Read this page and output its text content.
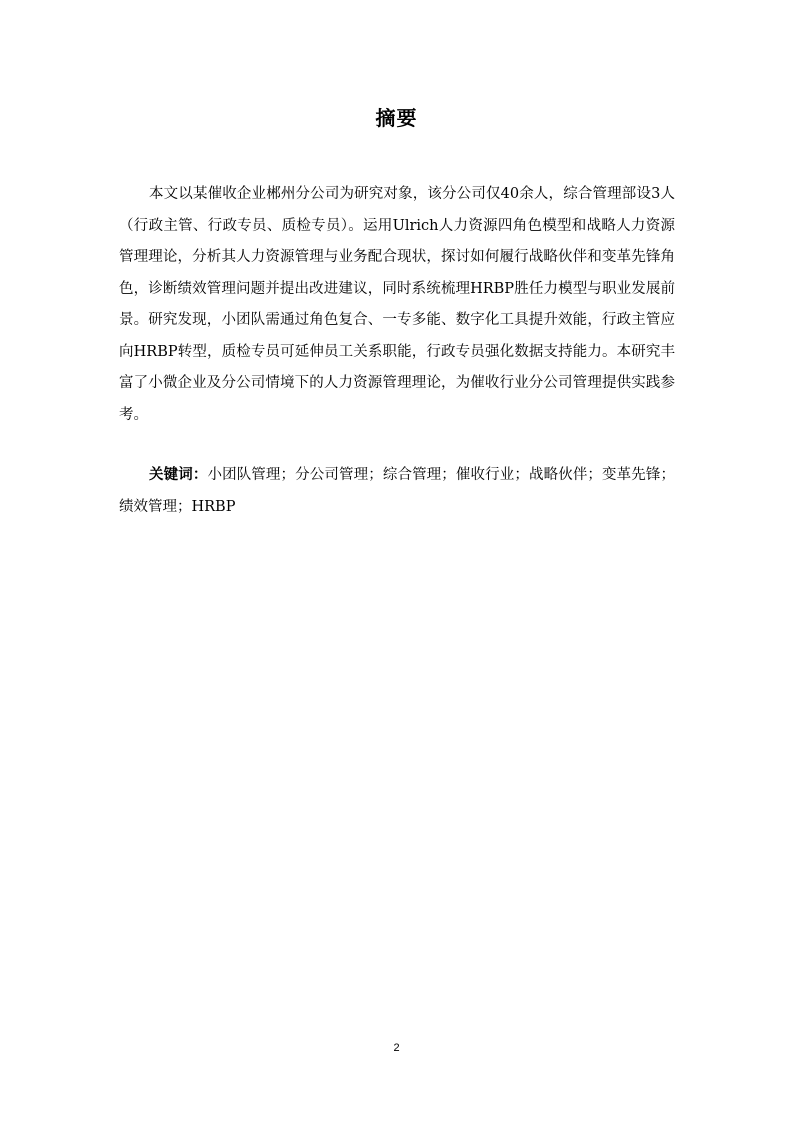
摘要

本文以某催收企业郴州分公司为研究对象，该分公司仅40余人，综合管理部设3人（行政主管、行政专员、质检专员）。运用Ulrich人力资源四角色模型和战略人力资源管理理论，分析其人力资源管理与业务配合现状，探讨如何履行战略伙伴和变革先锋角色，诊断绩效管理问题并提出改进建议，同时系统梳理HRBP胜任力模型与职业发展前景。研究发现，小团队需通过角色复合、一专多能、数字化工具提升效能，行政主管应向HRBP转型，质检专员可延伸员工关系职能，行政专员强化数据支持能力。本研究丰富了小微企业及分公司情境下的人力资源管理理论，为催收行业分公司管理提供实践参考。

关键词：小团队管理；分公司管理；综合管理；催收行业；战略伙伴；变革先锋；绩效管理；HRBP

2
